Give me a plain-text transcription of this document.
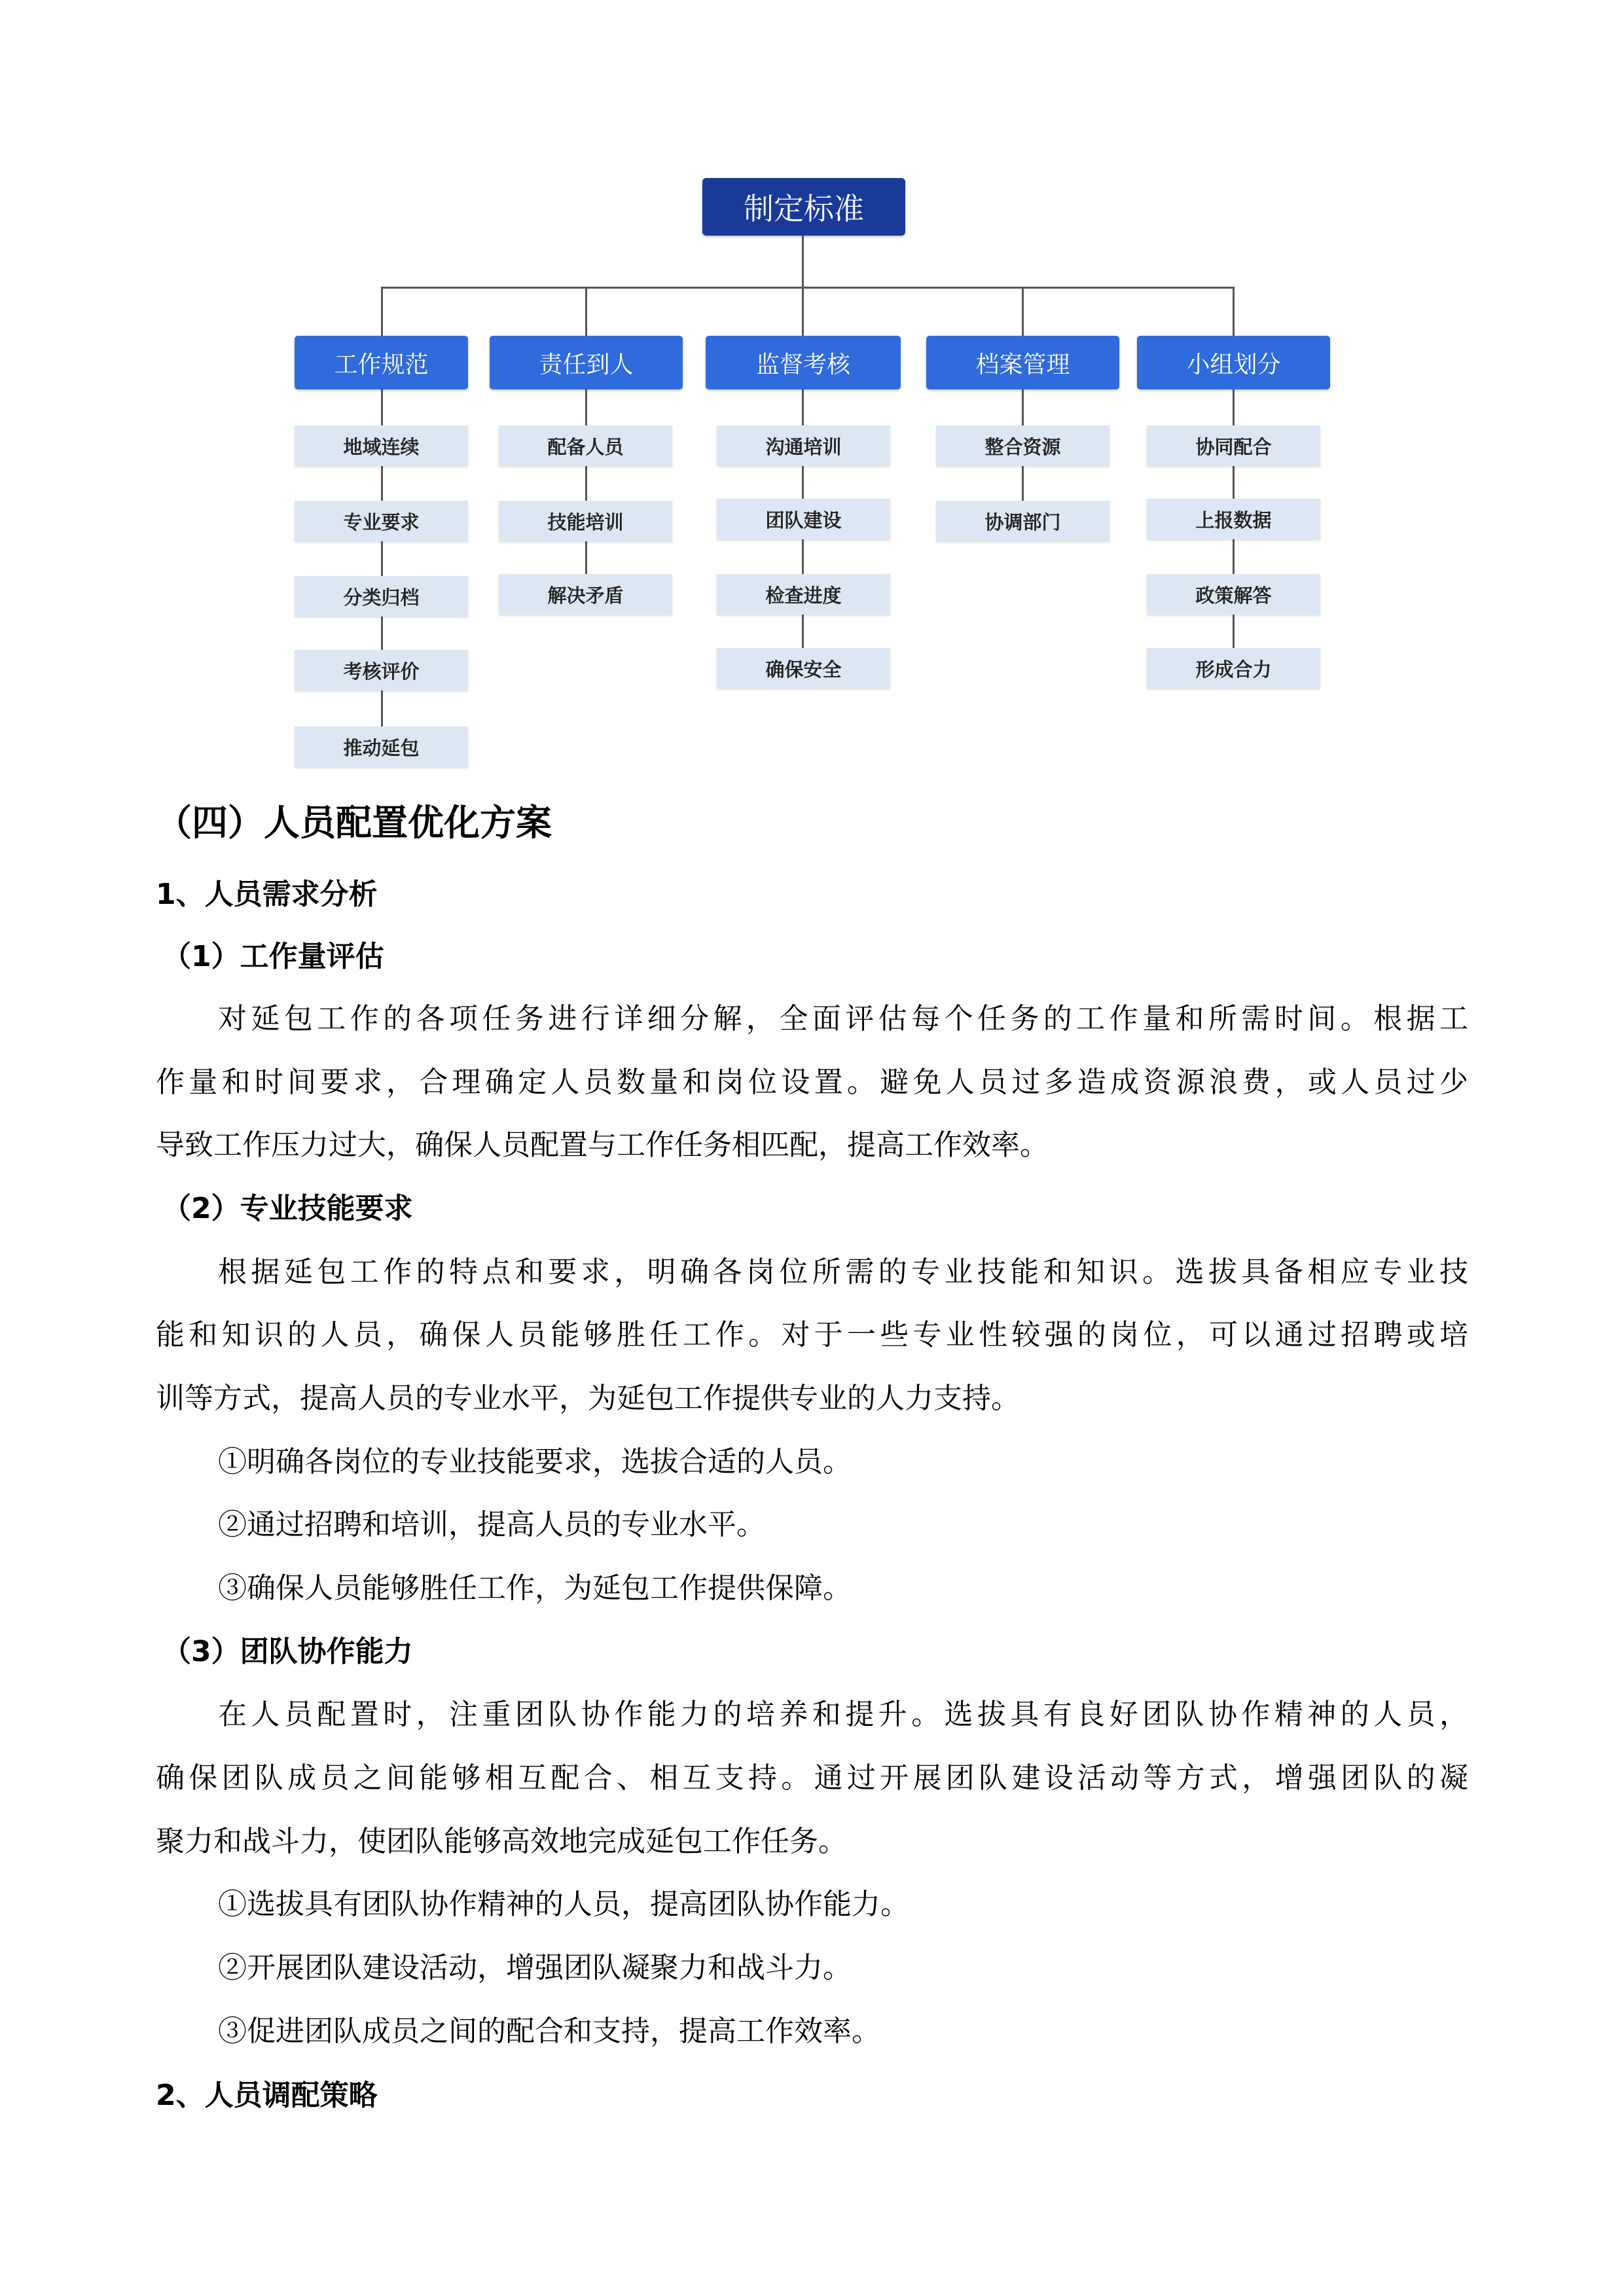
制定标准
工作规范	责任到人	监督考核	档案管理	小组划分
地域连续
专业要求
分类归档
考核评价
推动延包
配备人员
技能培训
解决矛盾
沟通培训
团队建设
检查进度
确保安全
整合资源
协调部门
协同配合
上报数据
政策解答
形成合力
（四）人员配置优化方案
1、人员需求分析
（1）工作量评估
对延包工作的各项任务进行详细分解，全面评估每个任务的工作量和所需时间。根据工
作量和时间要求，合理确定人员数量和岗位设置。避免人员过多造成资源浪费，或人员过少
导致工作压力过大，确保人员配置与工作任务相匹配，提高工作效率。
（2）专业技能要求
根据延包工作的特点和要求，明确各岗位所需的专业技能和知识。选拔具备相应专业技
能和知识的人员，确保人员能够胜任工作。对于一些专业性较强的岗位，可以通过招聘或培
训等方式，提高人员的专业水平，为延包工作提供专业的人力支持。
①明确各岗位的专业技能要求，选拔合适的人员。
②通过招聘和培训，提高人员的专业水平。
③确保人员能够胜任工作，为延包工作提供保障。
（3）团队协作能力
在人员配置时，注重团队协作能力的培养和提升。选拔具有良好团队协作精神的人员，
确保团队成员之间能够相互配合、相互支持。通过开展团队建设活动等方式，增强团队的凝
聚力和战斗力，使团队能够高效地完成延包工作任务。
①选拔具有团队协作精神的人员，提高团队协作能力。
②开展团队建设活动，增强团队凝聚力和战斗力。
③促进团队成员之间的配合和支持，提高工作效率。
2、人员调配策略
